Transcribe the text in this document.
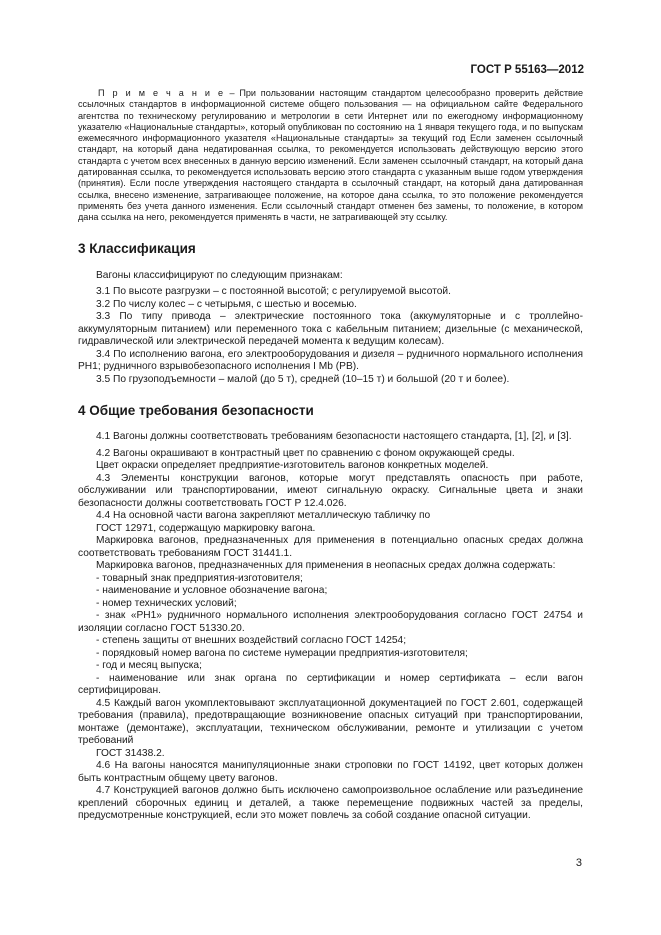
ГОСТ Р 55163—2012

П р и м е ч а н и е – При пользовании настоящим стандартом целесообразно проверить действие ссылочных стандартов в информационной системе общего пользования — на официальном сайте Федерального агентства по техническому регулированию и метрологии в сети Интернет или по ежегодному информационному указателю «Национальные стандарты», который опубликован по состоянию на 1 января текущего года, и по выпускам ежемесячного информационного указателя «Национальные стандарты» за текущий год Если заменен ссылочный стандарт, на который дана недатированная ссылка, то рекомендуется использовать действующую версию этого стандарта с учетом всех внесенных в данную версию изменений. Если заменен ссылочный стандарт, на который дана датированная ссылка, то рекомендуется использовать версию этого стандарта с указанным выше годом утверждения (принятия). Если после утверждения настоящего стандарта в ссылочный стандарт, на который дана датированная ссылка, внесено изменение, затрагивающее положение, на которое дана ссылка, то это положение рекомендуется применять без учета данного изменения. Если ссылочный стандарт отменен без замены, то положение, в котором дана ссылка на него, рекомендуется применять в части, не затрагивающей эту ссылку.

3 Классификация

Вагоны классифицируют по следующим признакам:

3.1 По высоте разгрузки – с постоянной высотой; с регулируемой высотой.

3.2 По числу колес – с четырьмя, с шестью и восемью.

3.3 По типу привода – электрические постоянного тока (аккумуляторные и с троллейно-аккумуляторным питанием) или переменного тока с кабельным питанием; дизельные (с механической, гидравлической или электрической передачей момента к ведущим колесам).

3.4 По исполнению вагона, его электрооборудования и дизеля – рудничного нормального исполнения РН1; рудничного взрывобезопасного исполнения I Mb (PB).

3.5 По грузоподъемности – малой (до 5 т), средней (10–15 т) и большой (20 т и более).

4 Общие требования безопасности

4.1 Вагоны должны соответствовать требованиям безопасности настоящего стандарта, [1], [2], и [3].

4.2 Вагоны окрашивают в контрастный цвет по сравнению с фоном окружающей среды.

Цвет окраски определяет предприятие-изготовитель вагонов конкретных моделей.

4.3 Элементы конструкции вагонов, которые могут представлять опасность при работе, обслуживании или транспортировании, имеют сигнальную окраску. Сигнальные цвета и знаки безопасности должны соответствовать ГОСТ Р 12.4.026.

4.4 На основной части вагона закрепляют металлическую табличку по

ГОСТ 12971, содержащую маркировку вагона.

Маркировка вагонов, предназначенных для применения в потенциально опасных средах должна соответствовать требованиям ГОСТ 31441.1.

Маркировка вагонов, предназначенных для применения в неопасных средах должна содержать:

- товарный знак предприятия-изготовителя;

- наименование и условное обозначение вагона;

- номер технических условий;

- знак «РН1» рудничного нормального исполнения электрооборудования согласно ГОСТ 24754 и изоляции согласно ГОСТ 51330.20.

- степень защиты от внешних воздействий согласно ГОСТ 14254;

- порядковый номер вагона по системе нумерации предприятия-изготовителя;

- год и месяц выпуска;

- наименование или знак органа по сертификации и номер сертификата – если вагон сертифицирован.

4.5 Каждый вагон укомплектовывают эксплуатационной документацией по ГОСТ 2.601, содержащей требования (правила), предотвращающие возникновение опасных ситуаций при транспортировании, монтаже (демонтаже), эксплуатации, техническом обслуживании, ремонте и утилизации с учетом требований

ГОСТ 31438.2.

4.6 На вагоны наносятся манипуляционные знаки строповки по ГОСТ 14192, цвет которых должен быть контрастным общему цвету вагонов.

4.7 Конструкцией вагонов должно быть исключено самопроизвольное ослабление или разъединение креплений сборочных единиц и деталей, а также перемещение подвижных частей за пределы, предусмотренные конструкцией, если это может повлечь за собой создание опасной ситуации.

3
